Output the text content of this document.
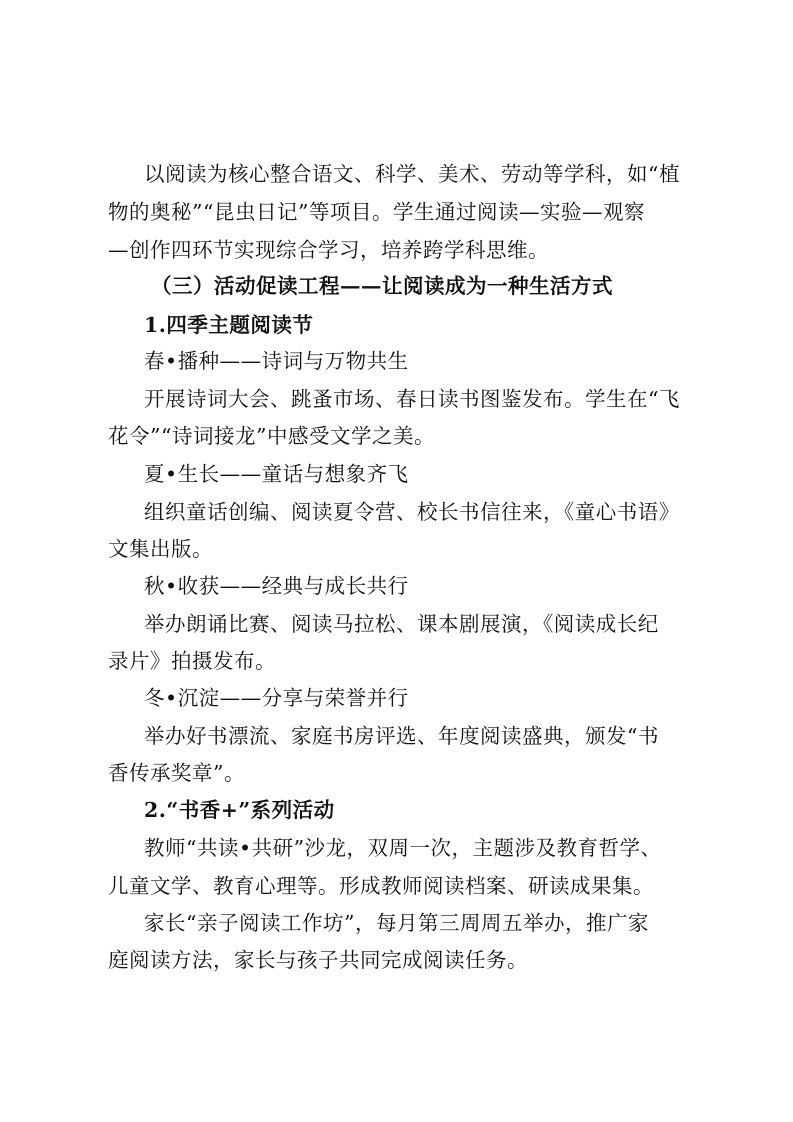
以阅读为核心整合语文、科学、美术、劳动等学科，如“植
物的奥秘”“昆虫日记”等项目。学生通过阅读—实验—观察
—创作四环节实现综合学习，培养跨学科思维。
（三）活动促读工程——让阅读成为一种生活方式
1.四季主题阅读节
春•播种——诗词与万物共生
开展诗词大会、跳蚤市场、春日读书图鉴发布。学生在“飞
花令”“诗词接龙”中感受文学之美。
夏•生长——童话与想象齐飞
组织童话创编、阅读夏令营、校长书信往来，《童心书语》
文集出版。
秋•收获——经典与成长共行
举办朗诵比赛、阅读马拉松、课本剧展演，《阅读成长纪
录片》拍摄发布。
冬•沉淀——分享与荣誉并行
举办好书漂流、家庭书房评选、年度阅读盛典，颁发“书
香传承奖章”。
2.“书香+”系列活动
教师“共读•共研”沙龙，双周一次，主题涉及教育哲学、
儿童文学、教育心理等。形成教师阅读档案、研读成果集。
家长“亲子阅读工作坊”，每月第三周周五举办，推广家
庭阅读方法，家长与孩子共同完成阅读任务。
